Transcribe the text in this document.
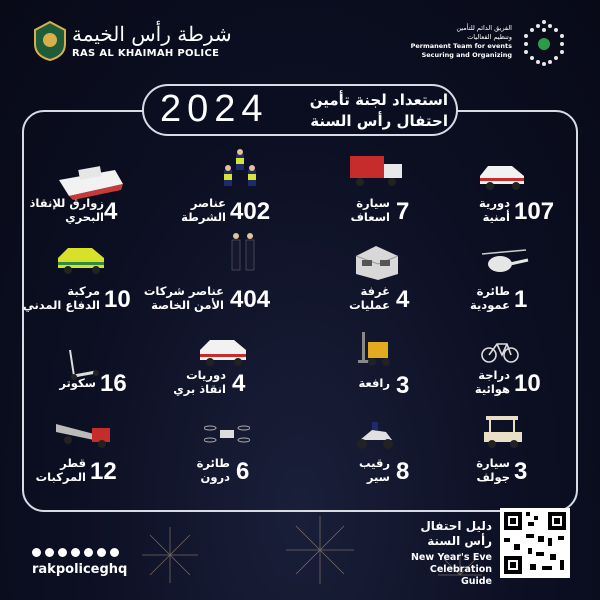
شرطة رأس الخيمة
RAS AL KHAIMAH POLICE
الفريق الدائم للتأمين
وتنظيم الفعاليات
Permanent Team for events
Securing and Organizing
2024	استعداد لجنة تأمين
احتفال رأس السنة
4
زوارق للإنقاذ
البحري	402
عناصر
الشرطة	7
سيارة
اسعاف	107
دورية
أمنية
10
مركبة
الدفاع المدني	404
عناصر شركات
الأمن الخاصة	4
غرفة
عمليات	1
طائرة
عمودية
16
سكوتر	4
دوريات
انقاذ بري	3
رافعة	10
دراجة
هوائية
12
قطر
المركبات	6
طائرة
درون	8
رقيب
سير	3
سيارة
جولف
rakpoliceghq
دليل احتفال
رأس السنة
New Year's Eve
Celebration Guide
